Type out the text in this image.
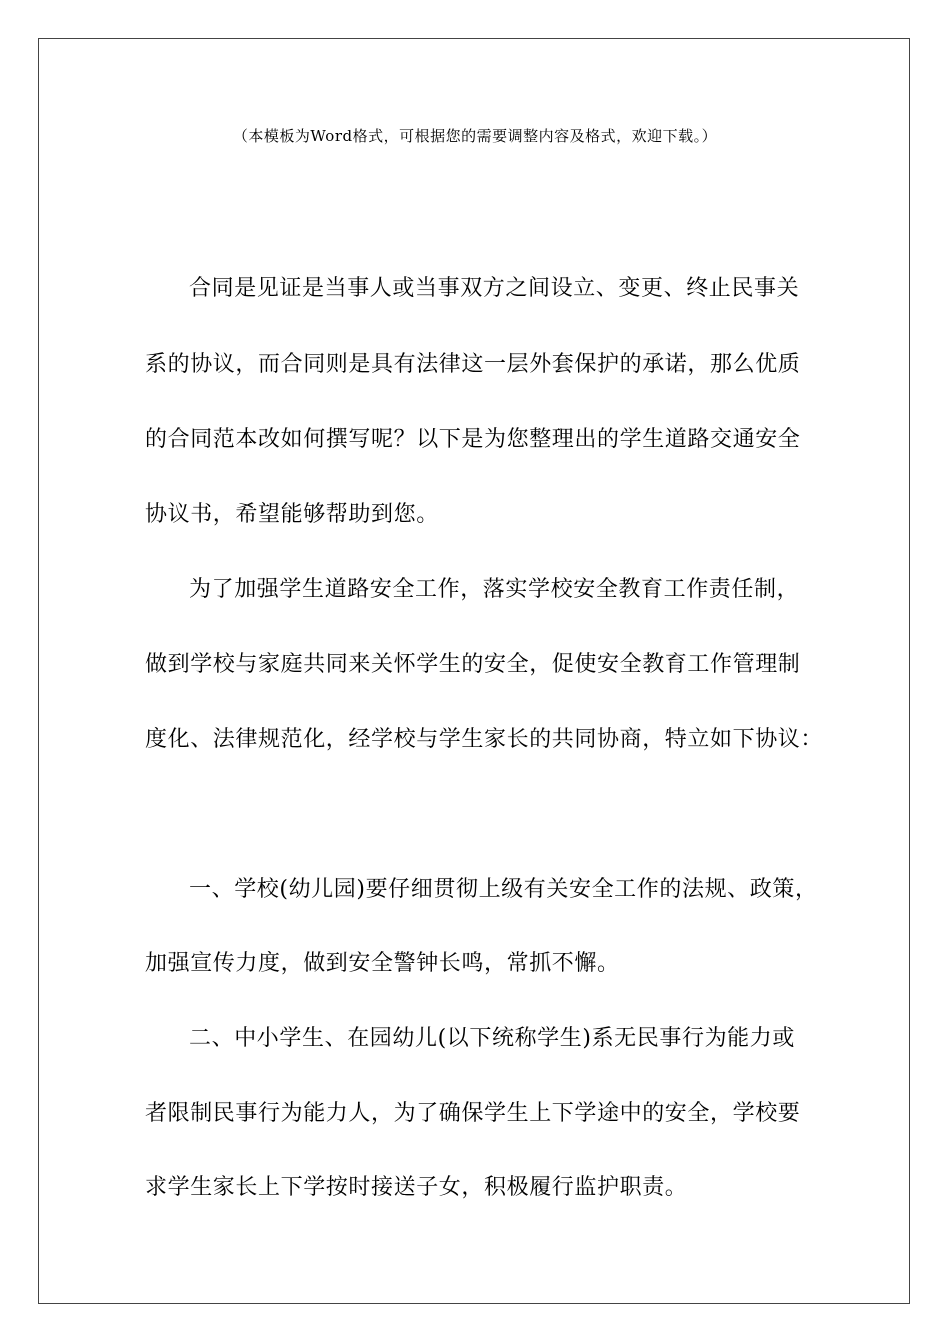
（本模板为Word格式，可根据您的需要调整内容及格式，欢迎下载。）
合同是见证是当事人或当事双方之间设立、变更、终止民事关
系的协议，而合同则是具有法律这一层外套保护的承诺，那么优质
的合同范本改如何撰写呢？以下是为您整理出的学生道路交通安全
协议书，希望能够帮助到您。
为了加强学生道路安全工作，落实学校安全教育工作责任制，
做到学校与家庭共同来关怀学生的安全，促使安全教育工作管理制
度化、法律规范化，经学校与学生家长的共同协商，特立如下协议：
一、学校(幼儿园)要仔细贯彻上级有关安全工作的法规、政策，
加强宣传力度，做到安全警钟长鸣，常抓不懈。
二、中小学生、在园幼儿(以下统称学生)系无民事行为能力或
者限制民事行为能力人，为了确保学生上下学途中的安全，学校要
求学生家长上下学按时接送子女，积极履行监护职责。
